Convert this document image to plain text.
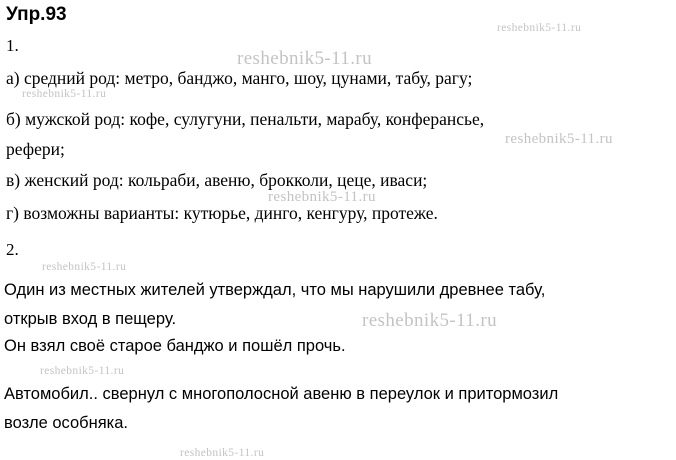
Упр.93
1.
а) средний род: метро, банджо, манго, шоу, цунами, табу, рагу;
б) мужской род: кофе, сулугуни, пенальти, марабу, конферансье,
рефери;
в) женский род: кольраби, авеню, брокколи, цеце, иваси;
г) возможны варианты: кутюрье, динго, кенгуру, протеже.
2.
Один из местных жителей утверждал, что мы нарушили древнее табу,
открыв вход в пещеру.
Он взял своё старое банджо и пошёл прочь.
Автомобил.. свернул с многополосной авеню в переулок и притормозил
возле особняка.
reshebnik5-11.ru
reshebnik5-11.ru
reshebnik5-11.ru
reshebnik5-11.ru
reshebnik5-11.ru
reshebnik5-11.ru
reshebnik5-11.ru
reshebnik5-11.ru
reshebnik5-11.ru
